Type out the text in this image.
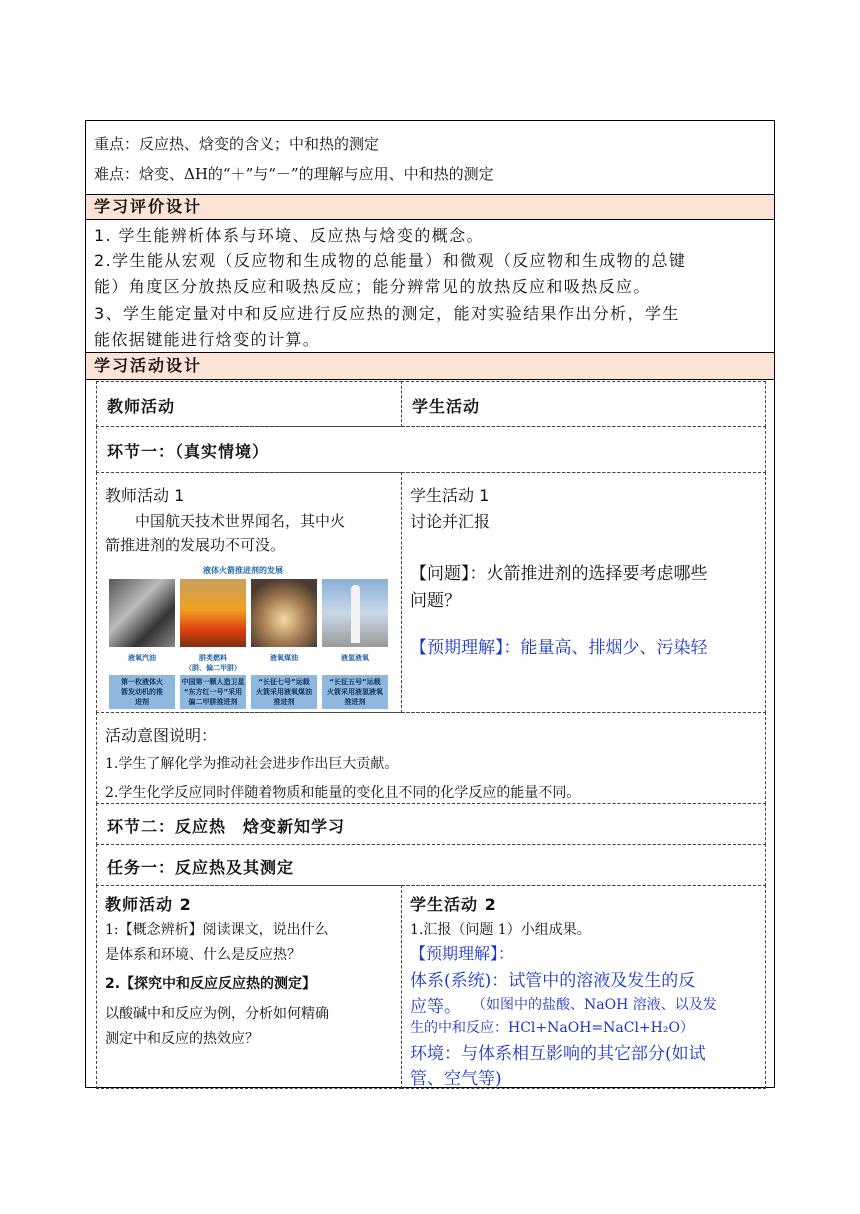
重点：反应热、焓变的含义；中和热的测定
难点：焓变、ΔH的“＋”与“－”的理解与应用、中和热的测定
学习评价设计
1. 学生能辨析体系与环境、反应热与焓变的概念。
2.学生能从宏观（反应物和生成物的总能量）和微观（反应物和生成物的总键
能）角度区分放热反应和吸热反应；能分辨常见的放热反应和吸热反应。
3、学生能定量对中和反应进行反应热的测定，能对实验结果作出分析，学生
能依据键能进行焓变的计算。
学习活动设计
教师活动	学生活动
环节一：（真实情境）
教师活动 1
中国航天技术世界闻名，其中火
箭推进剂的发展功不可没。
液体火箭推进剂的发展
液氧汽油	肼类燃料
（肼、偏二甲肼）
液氧煤油	液氢液氧
第一枚液体火
箭发动机的推
进剂
中国第一颗人造卫星
“东方红一号”采用
偏二甲肼推进剂
“长征七号”运载
火箭采用液氧煤油
推进剂
“长征五号”运载
火箭采用液氢液氧
推进剂
学生活动 1
讨论并汇报
【问题】：火箭推进剂的选择要考虑哪些
问题？
【预期理解】：能量高、排烟少、污染轻
活动意图说明：
1.学生了解化学为推动社会进步作出巨大贡献。
2.学生化学反应同时伴随着物质和能量的变化且不同的化学反应的能量不同。
环节二：反应热　焓变新知学习
任务一：反应热及其测定
教师活动 2
1:【概念辨析】阅读课文，说出什么
是体系和环境、什么是反应热？
2.【探究中和反应反应热的测定】
以酸碱中和反应为例，分析如何精确
测定中和反应的热效应？
学生活动 2
1.汇报（问题 1）小组成果。
【预期理解】：
体系(系统)：试管中的溶液及发生的反
应等。 （如图中的盐酸、NaOH 溶液、以及发
生的中和反应：HCl+NaOH=NaCl+H₂O）
环境：与体系相互影响的其它部分(如试
管、空气等)
